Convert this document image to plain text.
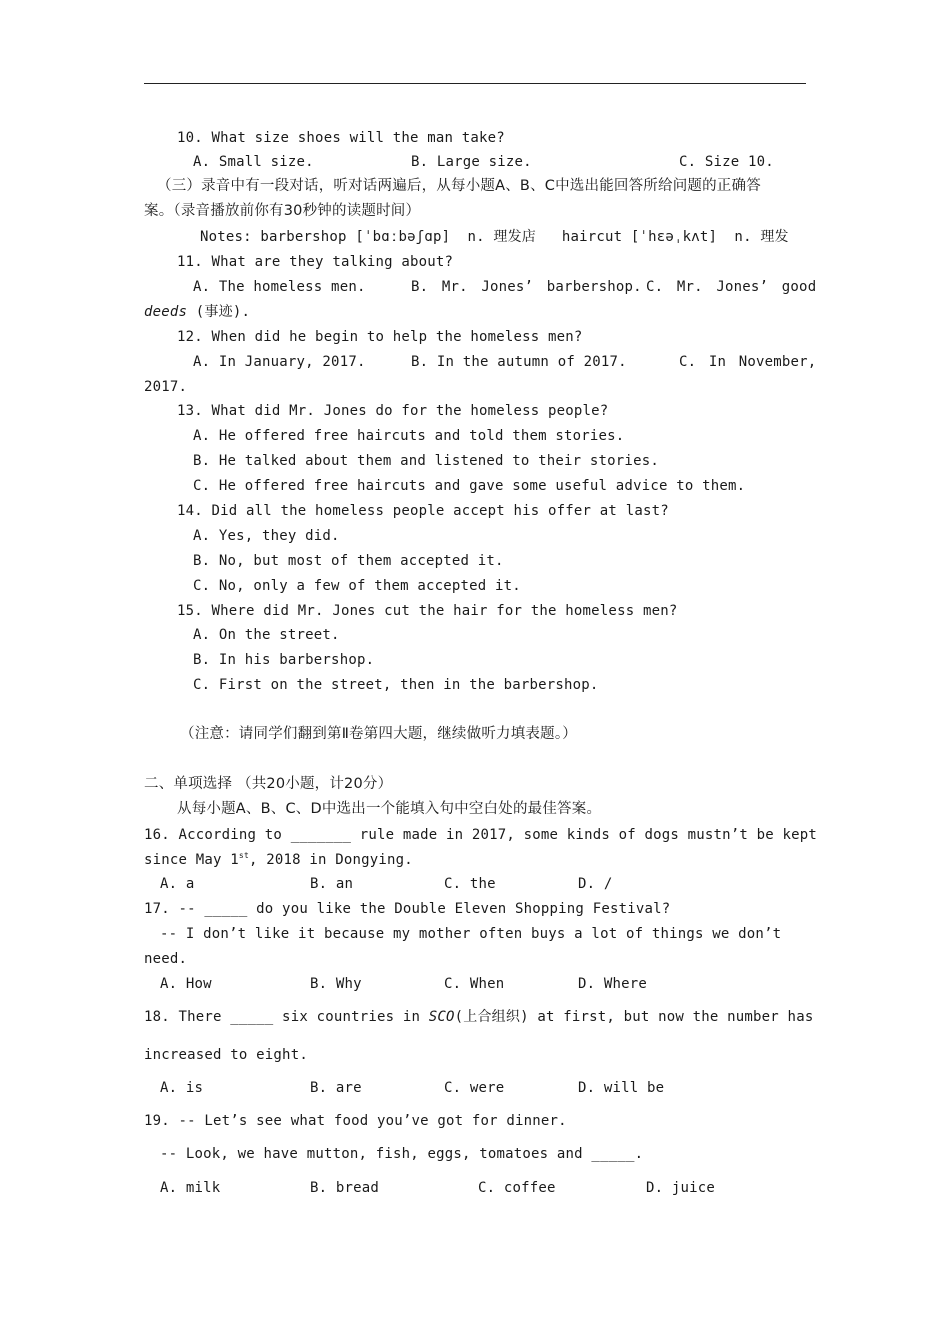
10. What size shoes will the man take?
A. Small size.	B. Large size.	C. Size 10.
（三）录音中有一段对话，听对话两遍后，从每小题A、B、C中选出能回答所给问题的正确答
案。（录音播放前你有30秒钟的读题时间）
Notes: barbershop [ˈbɑːbəʃɑp]  n. 理发店   haircut [ˈhɛəˌkʌt]  n. 理发
11. What are they talking about?
A. The homeless men.	B. Mr. Jones’ barbershop. C. Mr. Jones’ good
deeds (事迹).
12. When did he begin to help the homeless men?
A. In January, 2017.	B. In the autumn of 2017.	C. In November,
2017.
13. What did Mr. Jones do for the homeless people?
A. He offered free haircuts and told them stories.
B. He talked about them and listened to their stories.
C. He offered free haircuts and gave some useful advice to them.
14. Did all the homeless people accept his offer at last?
A. Yes, they did.
B. No, but most of them accepted it.
C. No, only a few of them accepted it.
15. Where did Mr. Jones cut the hair for the homeless men?
A. On the street.
B. In his barbershop.
C. First on the street, then in the barbershop.
（注意：请同学们翻到第Ⅱ卷第四大题，继续做听力填表题。）
二、单项选择 （共20小题，计20分）
从每小题A、B、C、D中选出一个能填入句中空白处的最佳答案。
16. According to _______ rule made in 2017, some kinds of dogs mustn’t be kept
since May 1st, 2018 in Dongying.
A. a	B. an	C. the	D. /
17. -- _____ do you like the Double Eleven Shopping Festival?
-- I don’t like it because my mother often buys a lot of things we don’t
need.
A. How	B. Why	C. When	D. Where
18. There _____ six countries in SCO(上合组织) at first, but now the number has
increased to eight.
A. is	B. are	C. were	D. will be
19. -- Let’s see what food you’ve got for dinner.
-- Look, we have mutton, fish, eggs, tomatoes and _____.
A. milk	B. bread	C. coffee	D. juice
